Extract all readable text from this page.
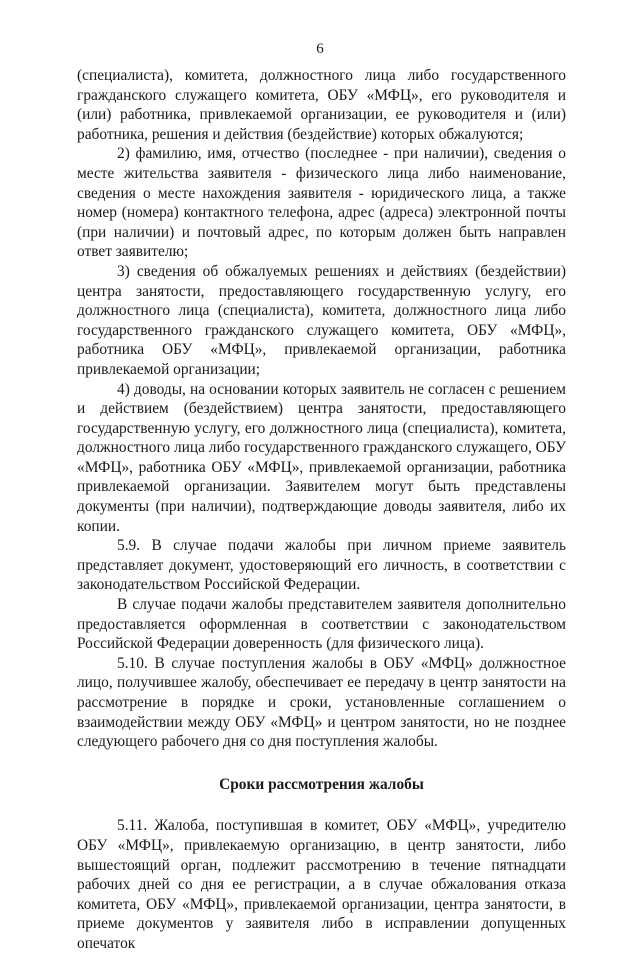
6

(специалиста), комитета, должностного лица либо государственного гражданского служащего комитета, ОБУ «МФЦ», его руководителя и (или) работника, привлекаемой организации, ее руководителя и (или) работника, решения и действия (бездействие) которых обжалуются;

2) фамилию, имя, отчество (последнее - при наличии), сведения о месте жительства заявителя - физического лица либо наименование, сведения о месте нахождения заявителя - юридического лица, а также номер (номера) контактного телефона, адрес (адреса) электронной почты (при наличии) и почтовый адрес, по которым должен быть направлен ответ заявителю;

3) сведения об обжалуемых решениях и действиях (бездействии) центра занятости, предоставляющего государственную услугу, его должностного лица (специалиста), комитета, должностного лица либо государственного гражданского служащего комитета, ОБУ «МФЦ», работника ОБУ «МФЦ», привлекаемой организации, работника привлекаемой организации;

4) доводы, на основании которых заявитель не согласен с решением и действием (бездействием) центра занятости, предоставляющего государственную услугу, его должностного лица (специалиста), комитета, должностного лица либо государственного гражданского служащего, ОБУ «МФЦ», работника ОБУ «МФЦ», привлекаемой организации, работника привлекаемой организации. Заявителем могут быть представлены документы (при наличии), подтверждающие доводы заявителя, либо их копии.

5.9. В случае подачи жалобы при личном приеме заявитель представляет документ, удостоверяющий его личность, в соответствии с законодательством Российской Федерации.

В случае подачи жалобы представителем заявителя дополнительно предоставляется оформленная в соответствии с законодательством Российской Федерации доверенность (для физического лица).

5.10. В случае поступления жалобы в ОБУ «МФЦ» должностное лицо, получившее жалобу, обеспечивает ее передачу в центр занятости на рассмотрение в порядке и сроки, установленные соглашением о взаимодействии между ОБУ «МФЦ» и центром занятости, но не позднее следующего рабочего дня со дня поступления жалобы.

Сроки рассмотрения жалобы

5.11. Жалоба, поступившая в комитет, ОБУ «МФЦ», учредителю ОБУ «МФЦ», привлекаемую организацию, в центр занятости, либо вышестоящий орган, подлежит рассмотрению в течение пятнадцати рабочих дней со дня ее регистрации, а в случае обжалования отказа комитета, ОБУ «МФЦ», привлекаемой организации, центра занятости, в приеме документов у заявителя либо в исправлении допущенных опечаток
